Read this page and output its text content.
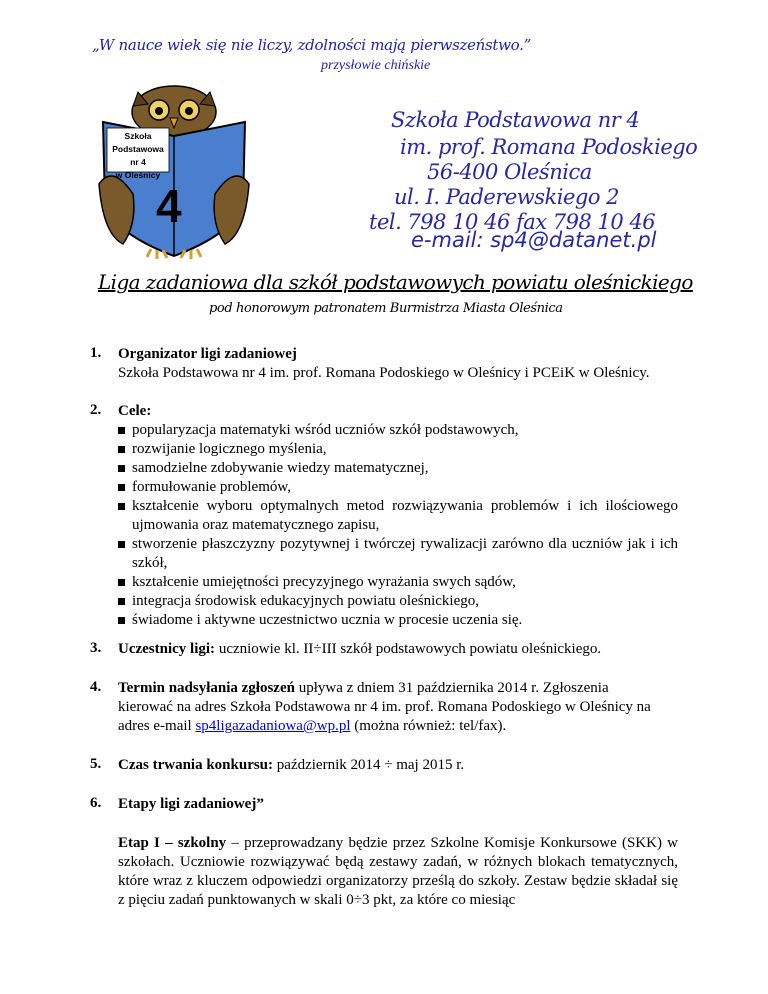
„W nauce wiek się nie liczy, zdolności mają pierwszeństwo.”
przysłowie chińskie
Szkoła Podstawowa
nr 4
w Oleśnicy
4
Szkoła Podstawowa nr 4
im. prof. Romana Podoskiego
56-400 Oleśnica
ul. I. Paderewskiego 2
tel. 798 10 46 fax 798 10 46
e-mail: sp4@datanet.pl
Liga zadaniowa dla szkół podstawowych powiatu oleśnickiego
pod honorowym patronatem Burmistrza Miasta Oleśnica
1. Organizator ligi zadaniowej
Szkoła Podstawowa nr 4 im. prof. Romana Podoskiego w Oleśnicy i PCEiK w Oleśnicy.
2. Cele:
popularyzacja matematyki wśród uczniów szkół podstawowych,
rozwijanie logicznego myślenia,
samodzielne zdobywanie wiedzy matematycznej,
formułowanie problemów,
kształcenie wyboru optymalnych metod rozwiązywania problemów i ich ilościowego ujmowania oraz matematycznego zapisu,
stworzenie płaszczyzny pozytywnej i twórczej rywalizacji zarówno dla uczniów jak i ich szkół,
kształcenie umiejętności precyzyjnego wyrażania swych sądów,
integracja środowisk edukacyjnych powiatu oleśnickiego,
świadome i aktywne uczestnictwo ucznia w procesie uczenia się.
3. Uczestnicy ligi: uczniowie kl. II÷III szkół podstawowych powiatu oleśnickiego.
4. Termin nadsyłania zgłoszeń upływa z dniem 31 października 2014 r. Zgłoszenia kierować na adres Szkoła Podstawowa nr 4 im. prof. Romana Podoskiego w Oleśnicy na adres e-mail sp4ligazadaniowa@wp.pl (można również: tel/fax).
5. Czas trwania konkursu: październik 2014 ÷ maj 2015 r.
6. Etapy ligi zadaniowej”
Etap I – szkolny – przeprowadzany będzie przez Szkolne Komisje Konkursowe (SKK) w szkołach. Uczniowie rozwiązywać będą zestawy zadań, w różnych blokach tematycznych, które wraz z kluczem odpowiedzi organizatorzy prześlą do szkoły. Zestaw będzie składał się z pięciu zadań punktowanych w skali 0÷3 pkt, za które co miesiąc
